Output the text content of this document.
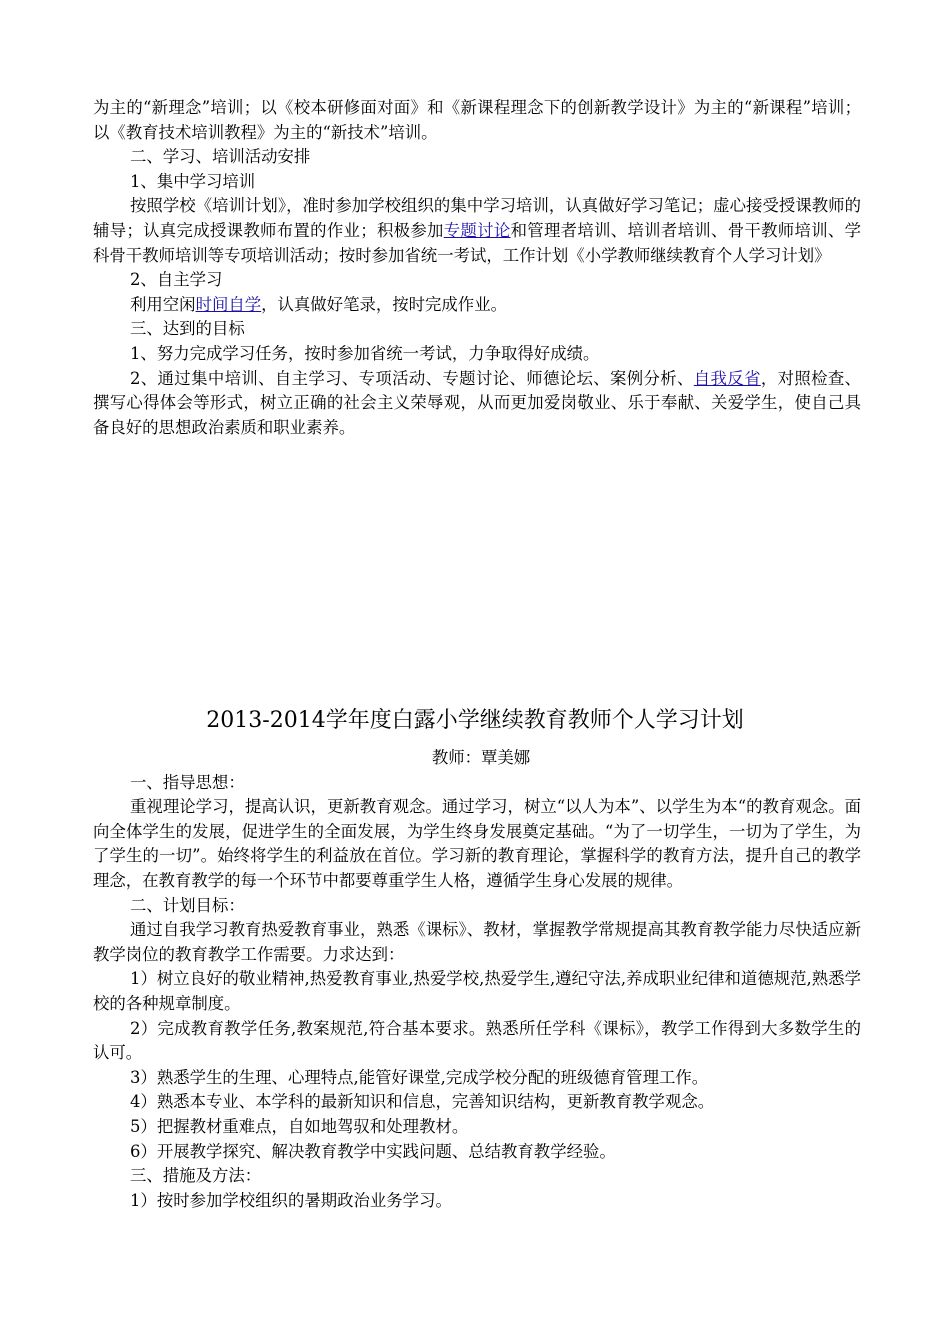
为主的“新理念”培训；以《校本研修面对面》和《新课程理念下的创新教学设计》为主的“新课程”培训；以《教育技术培训教程》为主的“新技术”培训。

二、学习、培训活动安排

1、集中学习培训

按照学校《培训计划》，准时参加学校组织的集中学习培训，认真做好学习笔记；虚心接受授课教师的辅导；认真完成授课教师布置的作业；积极参加专题讨论和管理者培训、培训者培训、骨干教师培训、学科骨干教师培训等专项培训活动；按时参加省统一考试，工作计划《小学教师继续教育个人学习计划》

2、自主学习

利用空闲时间自学，认真做好笔录，按时完成作业。

三、达到的目标

1、努力完成学习任务，按时参加省统一考试，力争取得好成绩。

2、通过集中培训、自主学习、专项活动、专题讨论、师德论坛、案例分析、自我反省，对照检查、撰写心得体会等形式，树立正确的社会主义荣辱观，从而更加爱岗敬业、乐于奉献、关爱学生，使自己具备良好的思想政治素质和职业素养。

2013-2014学年度白露小学继续教育教师个人学习计划

教师：覃美娜

一、指导思想：

重视理论学习，提高认识，更新教育观念。通过学习，树立“以人为本”、以学生为本“的教育观念。面向全体学生的发展，促进学生的全面发展，为学生终身发展奠定基础。“为了一切学生，一切为了学生，为了学生的一切”。始终将学生的利益放在首位。学习新的教育理论，掌握科学的教育方法，提升自己的教学理念，在教育教学的每一个环节中都要尊重学生人格，遵循学生身心发展的规律。

二、计划目标：

通过自我学习教育热爱教育事业，熟悉《课标》、教材，掌握教学常规提高其教育教学能力尽快适应新教学岗位的教育教学工作需要。力求达到：

1）树立良好的敬业精神,热爱教育事业,热爱学校,热爱学生,遵纪守法,养成职业纪律和道德规范,熟悉学校的各种规章制度。

2）完成教育教学任务,教案规范,符合基本要求。熟悉所任学科《课标》，教学工作得到大多数学生的认可。

3）熟悉学生的生理、心理特点,能管好课堂,完成学校分配的班级德育管理工作。

4）熟悉本专业、本学科的最新知识和信息，完善知识结构，更新教育教学观念。

5）把握教材重难点，自如地驾驭和处理教材。

6）开展教学探究、解决教育教学中实践问题、总结教育教学经验。

三、措施及方法：

1）按时参加学校组织的暑期政治业务学习。
